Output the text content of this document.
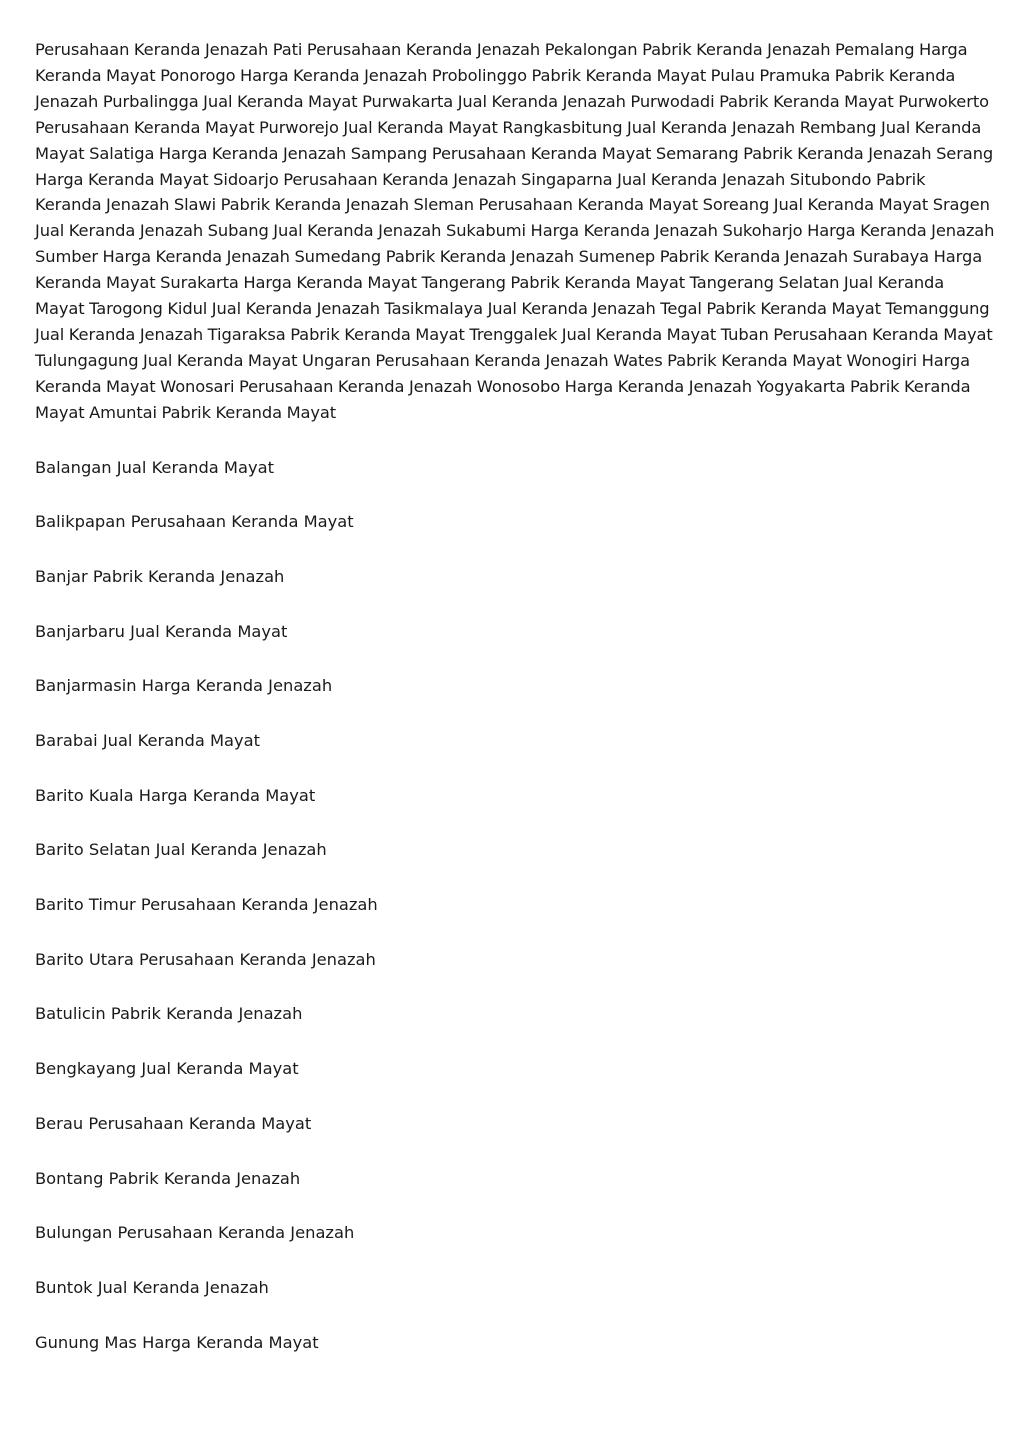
Perusahaan Keranda Jenazah Pati Perusahaan Keranda Jenazah Pekalongan Pabrik Keranda Jenazah Pemalang Harga Keranda Mayat Ponorogo Harga Keranda Jenazah Probolinggo Pabrik Keranda Mayat Pulau Pramuka Pabrik Keranda Jenazah Purbalingga Jual Keranda Mayat Purwakarta Jual Keranda Jenazah Purwodadi Pabrik Keranda Mayat Purwokerto Perusahaan Keranda Mayat Purworejo Jual Keranda Mayat Rangkasbitung Jual Keranda Jenazah Rembang Jual Keranda Mayat Salatiga Harga Keranda Jenazah Sampang Perusahaan Keranda Mayat Semarang Pabrik Keranda Jenazah Serang Harga Keranda Mayat Sidoarjo Perusahaan Keranda Jenazah Singaparna Jual Keranda Jenazah Situbondo Pabrik Keranda Jenazah Slawi Pabrik Keranda Jenazah Sleman Perusahaan Keranda Mayat Soreang Jual Keranda Mayat Sragen Jual Keranda Jenazah Subang Jual Keranda Jenazah Sukabumi Harga Keranda Jenazah Sukoharjo Harga Keranda Jenazah Sumber Harga Keranda Jenazah Sumedang Pabrik Keranda Jenazah Sumenep Pabrik Keranda Jenazah Surabaya Harga Keranda Mayat Surakarta Harga Keranda Mayat Tangerang Pabrik Keranda Mayat Tangerang Selatan Jual Keranda Mayat Tarogong Kidul Jual Keranda Jenazah Tasikmalaya Jual Keranda Jenazah Tegal Pabrik Keranda Mayat Temanggung Jual Keranda Jenazah Tigaraksa Pabrik Keranda Mayat Trenggalek Jual Keranda Mayat Tuban Perusahaan Keranda Mayat Tulungagung Jual Keranda Mayat Ungaran Perusahaan Keranda Jenazah Wates Pabrik Keranda Mayat Wonogiri Harga Keranda Mayat Wonosari Perusahaan Keranda Jenazah Wonosobo Harga Keranda Jenazah Yogyakarta Pabrik Keranda Mayat Amuntai Pabrik Keranda Mayat

Balangan Jual Keranda Mayat
Balikpapan Perusahaan Keranda Mayat
Banjar Pabrik Keranda Jenazah
Banjarbaru Jual Keranda Mayat
Banjarmasin Harga Keranda Jenazah
Barabai Jual Keranda Mayat
Barito Kuala Harga Keranda Mayat
Barito Selatan Jual Keranda Jenazah
Barito Timur Perusahaan Keranda Jenazah
Barito Utara Perusahaan Keranda Jenazah
Batulicin Pabrik Keranda Jenazah
Bengkayang Jual Keranda Mayat
Berau Perusahaan Keranda Mayat
Bontang Pabrik Keranda Jenazah
Bulungan Perusahaan Keranda Jenazah
Buntok Jual Keranda Jenazah
Gunung Mas Harga Keranda Mayat
